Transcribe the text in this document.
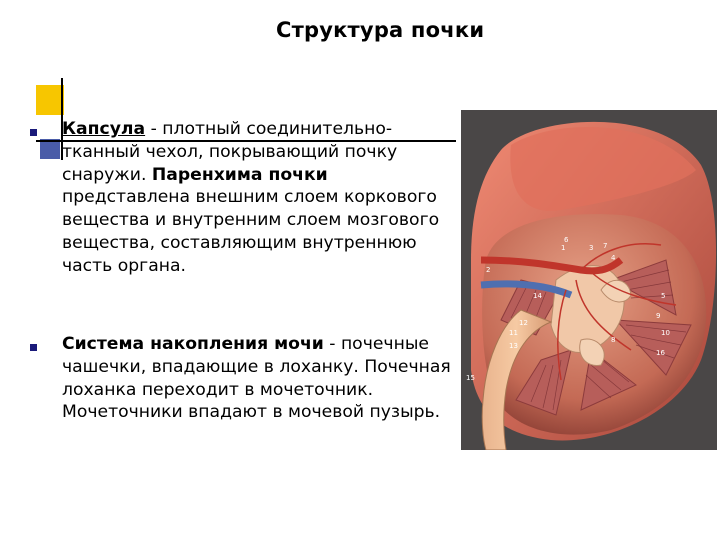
Структура почки
Капсула - плотный соединительно-тканный чехол, покрывающий почку снаружи. Паренхима почки представлена внешним слоем коркового вещества и внутренним слоем мозгового вещества, составляющим внутреннюю часть органа.
Система накопления мочи - почечные чашечки, впадающие в лоханку. Почечная лоханка переходит в мочеточник. Мочеточники впадают в мочевой пузырь.
1
2
3
4
5
6
7
8
9
10
11
12
13
14
15
16
